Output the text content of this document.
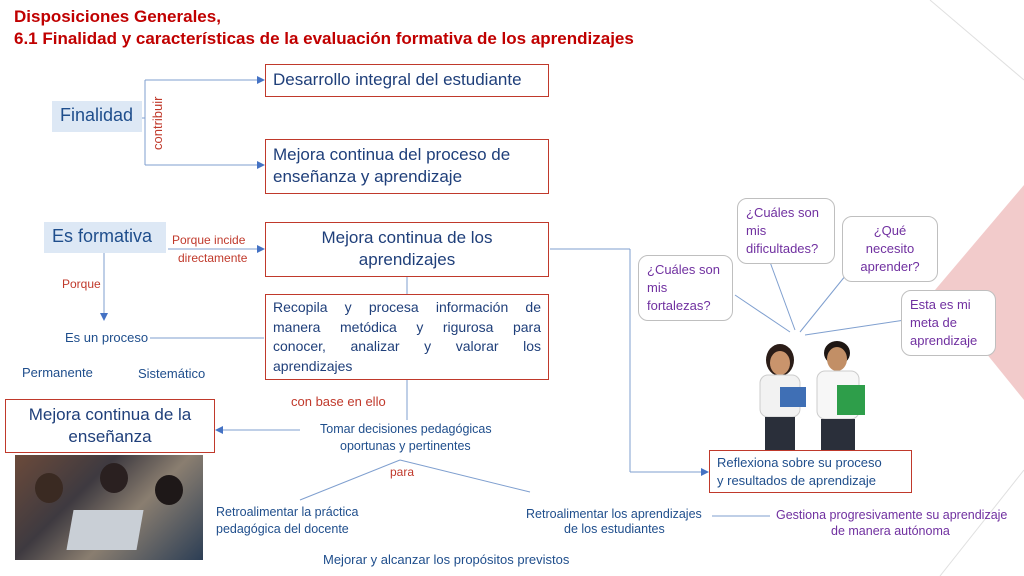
Disposiciones Generales,
6.1 Finalidad y características de la evaluación formativa de los aprendizajes
Finalidad	contribuir
Desarrollo integral del estudiante
Mejora continua del proceso de
enseñanza y aprendizaje
Es formativa	Porque incide
directamente
Porque
Mejora continua de los
aprendizajes
Recopila y procesa información de
manera metódica y rigurosa para
conocer, analizar y valorar los
aprendizajes
Es un proceso
Permanente	Sistemático
con base en ello
Mejora continua de la
enseñanza	Tomar decisiones pedagógicas
oportunas y pertinentes
para
Retroalimentar la práctica
pedagógica del docente
Retroalimentar los aprendizajes
de los estudiantes
Gestiona progresivamente su aprendizaje
de manera autónoma
Mejorar y alcanzar los propósitos previstos
¿Cuáles son
mis
fortalezas?
¿Cuáles son
mis
dificultades?
¿Qué
necesito
aprender?
Esta es mi
meta de
aprendizaje
Reflexiona sobre su proceso
y resultados de aprendizaje
